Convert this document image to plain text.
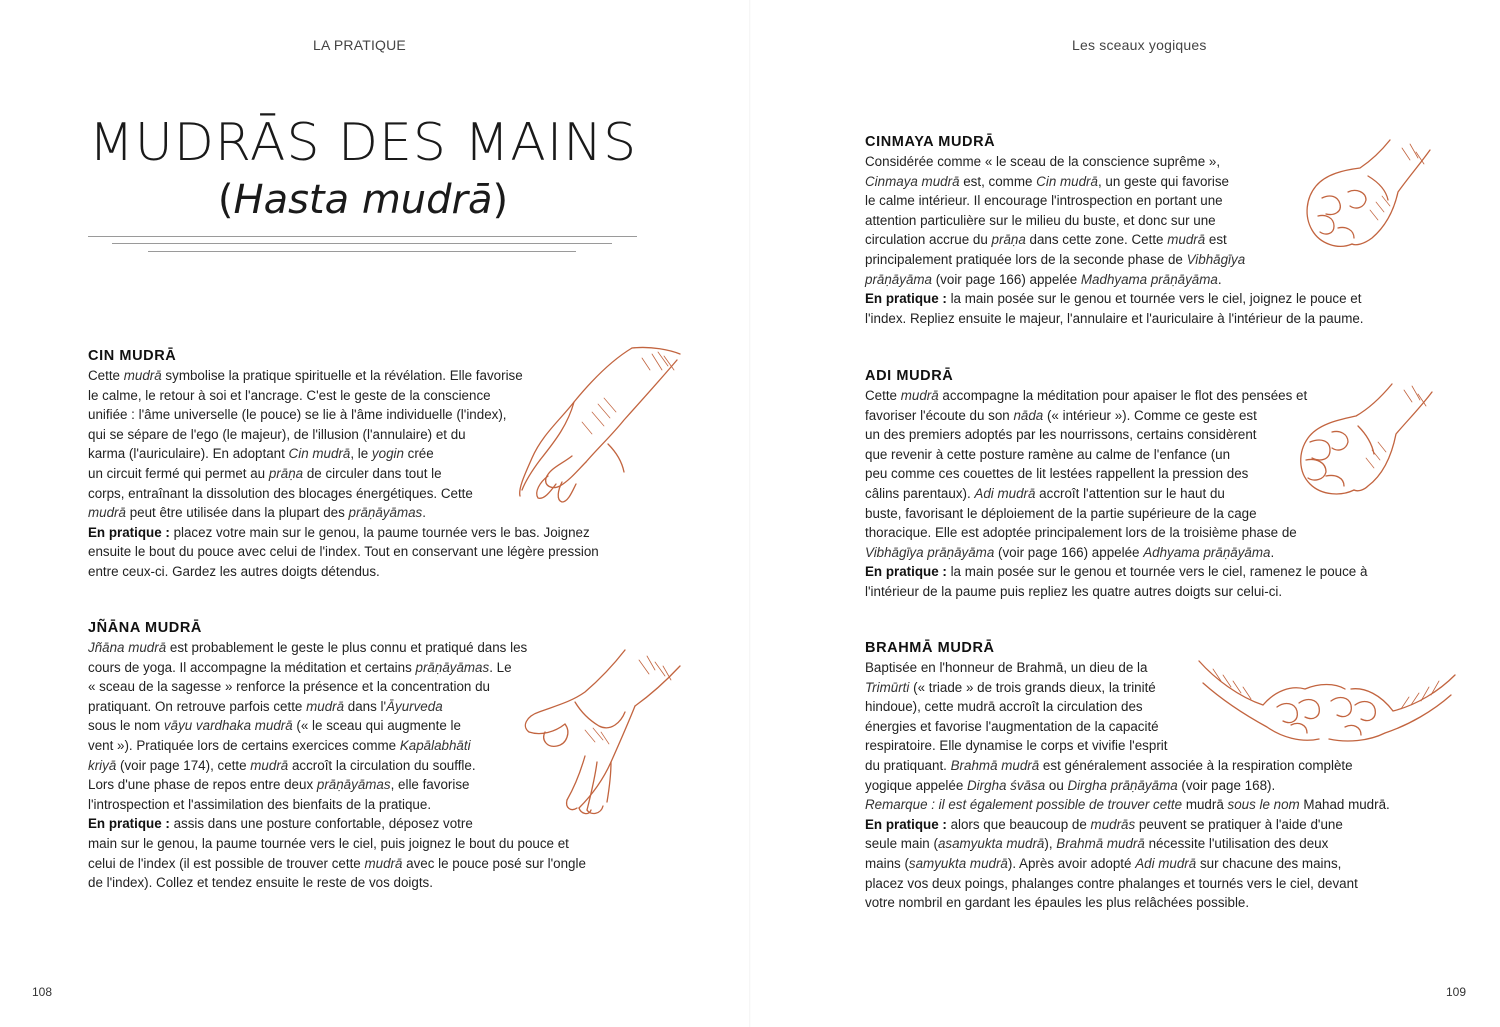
LA PRATIQUE
MUDRĀS DES MAINS
(Hasta mudrā)
CIN MUDRĀ

Cette mudrā symbolise la pratique spirituelle et la révélation. Elle favorise

le calme, le retour à soi et l'ancrage. C'est le geste de la conscience

unifiée : l'âme universelle (le pouce) se lie à l'âme individuelle (l'index),

qui se sépare de l'ego (le majeur), de l'illusion (l'annulaire) et du

karma (l'auriculaire). En adoptant Cin mudrā, le yogin crée

un circuit fermé qui permet au prāṇa de circuler dans tout le

corps, entraînant la dissolution des blocages énergétiques. Cette

mudrā peut être utilisée dans la plupart des prāṇāyāmas.

En pratique : placez votre main sur le genou, la paume tournée vers le bas. Joignez

ensuite le bout du pouce avec celui de l'index. Tout en conservant une légère pression

entre ceux-ci. Gardez les autres doigts détendus.

JÑĀNA MUDRĀ

Jñāna mudrā est probablement le geste le plus connu et pratiqué dans les

cours de yoga. Il accompagne la méditation et certains prāṇāyāmas. Le

« sceau de la sagesse » renforce la présence et la concentration du

pratiquant. On retrouve parfois cette mudrā dans l'Āyurveda

sous le nom vāyu vardhaka mudrā (« le sceau qui augmente le

vent »). Pratiquée lors de certains exercices comme Kapālabhāti

kriyā (voir page 174), cette mudrā accroît la circulation du souffle.

Lors d'une phase de repos entre deux prāṇāyāmas, elle favorise

l'introspection et l'assimilation des bienfaits de la pratique.

En pratique : assis dans une posture confortable, déposez votre

main sur le genou, la paume tournée vers le ciel, puis joignez le bout du pouce et

celui de l'index (il est possible de trouver cette mudrā avec le pouce posé sur l'ongle

de l'index). Collez et tendez ensuite le reste de vos doigts.

108
Les sceaux yogiques
CINMAYA MUDRĀ

Considérée comme « le sceau de la conscience suprême »,

Cinmaya mudrā est, comme Cin mudrā, un geste qui favorise

le calme intérieur. Il encourage l'introspection en portant une

attention particulière sur le milieu du buste, et donc sur une

circulation accrue du prāṇa dans cette zone. Cette mudrā est

principalement pratiquée lors de la seconde phase de Vibhāgīya

prāṇāyāma (voir page 166) appelée Madhyama prāṇāyāma.

En pratique : la main posée sur le genou et tournée vers le ciel, joignez le pouce et

l'index. Repliez ensuite le majeur, l'annulaire et l'auriculaire à l'intérieur de la paume.

ADI MUDRĀ

Cette mudrā accompagne la méditation pour apaiser le flot des pensées et

favoriser l'écoute du son nāda (« intérieur »). Comme ce geste est

un des premiers adoptés par les nourrissons, certains considèrent

que revenir à cette posture ramène au calme de l'enfance (un

peu comme ces couettes de lit lestées rappellent la pression des

câlins parentaux). Adi mudrā accroît l'attention sur le haut du

buste, favorisant le déploiement de la partie supérieure de la cage

thoracique. Elle est adoptée principalement lors de la troisième phase de

Vibhāgīya prāṇāyāma (voir page 166) appelée Adhyama prāṇāyāma.

En pratique : la main posée sur le genou et tournée vers le ciel, ramenez le pouce à

l'intérieur de la paume puis repliez les quatre autres doigts sur celui-ci.

BRAHMĀ MUDRĀ

Baptisée en l'honneur de Brahmā, un dieu de la

Trimūrti (« triade » de trois grands dieux, la trinité

hindoue), cette mudrā accroît la circulation des

énergies et favorise l'augmentation de la capacité

respiratoire. Elle dynamise le corps et vivifie l'esprit

du pratiquant. Brahmā mudrā est généralement associée à la respiration complète

yogique appelée Dirgha śvāsa ou Dirgha prāṇāyāma (voir page 168).

Remarque : il est également possible de trouver cette mudrā sous le nom Mahad mudrā.

En pratique : alors que beaucoup de mudrās peuvent se pratiquer à l'aide d'une

seule main (asamyukta mudrā), Brahmā mudrā nécessite l'utilisation des deux

mains (samyukta mudrā). Après avoir adopté Adi mudrā sur chacune des mains,

placez vos deux poings, phalanges contre phalanges et tournés vers le ciel, devant

votre nombril en gardant les épaules les plus relâchées possible.

109
